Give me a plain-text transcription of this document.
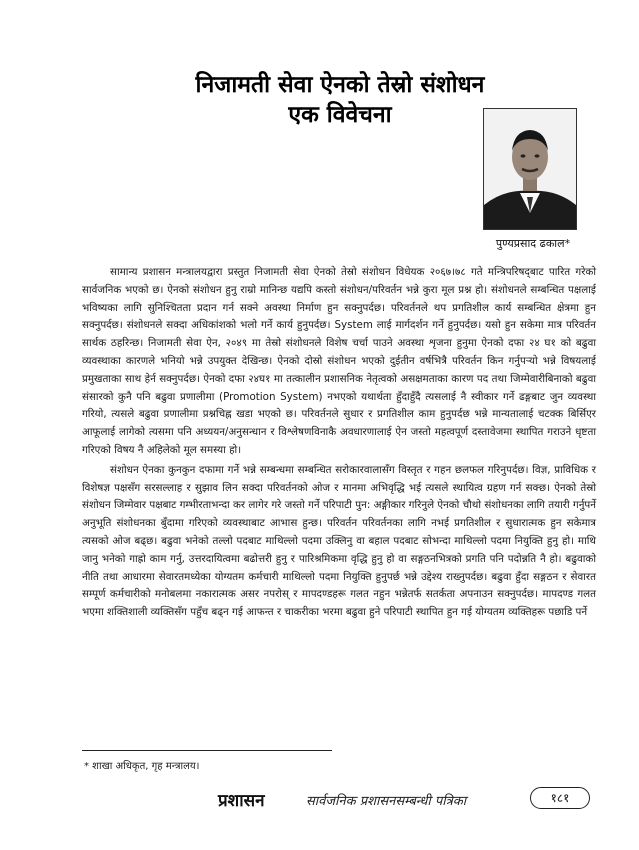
निजामती सेवा ऐनको तेस्रो संशोधन
एक विवेचना
पुण्यप्रसाद ढकाल*

सामान्य प्रशासन मन्त्रालयद्वारा प्रस्तुत निजामती सेवा ऐनको तेस्रो संशोधन विधेयक २०६७।७८ गते मन्त्रिपरिषद्‌बाट पारित गरेको सार्वजनिक भएको छ। ऐनको संशोधन हुनु राम्रो मानिन्छ यद्यपि कस्तो संशोधन/परिवर्तन भन्ने कुरा मूल प्रश्न हो। संशोधनले सम्बन्धित पक्षलाई भविष्यका लागि सुनिश्चितता प्रदान गर्न सक्ने अवस्था निर्माण हुन सक्नुपर्दछ। परिवर्तनले थप प्रगतिशील कार्य सम्बन्धित क्षेत्रमा हुन सक्नुपर्दछ। संशोधनले सक्दा अधिकांशको भलो गर्ने कार्य हुनुपर्दछ। System लाई मार्गदर्शन गर्ने हुनुपर्दछ। यसो हुन सकेमा मात्र परिवर्तन सार्थक ठहरिन्छ। निजामती सेवा ऐन, २०४९ मा तेस्रो संशोधनले विशेष चर्चा पाउने अवस्था शृजना हुनुमा ऐनको दफा २४ घ१ को बढुवा व्यवस्थाका कारणले भनियो भन्ने उपयुक्त देखिन्छ। ऐनको दोस्रो संशोधन भएको दुईतीन वर्षभित्रै परिवर्तन किन गर्नुपर्‍यो भन्ने विषयलाई प्रमुखताका साथ हेर्न सक्नुपर्दछ। ऐनको दफा २४घ१ मा तत्कालीन प्रशासनिक नेतृत्वको असक्षमताका कारण पद तथा जिम्मेवारीबिनाको बढुवा संसारको कुनै पनि बढुवा प्रणालीमा (Promotion System) नभएको यथार्थता हुँदाहुँदै त्यसलाई नै स्वीकार गर्ने ढङ्गबाट जुन व्यवस्था गरियो, त्यसले बढुवा प्रणालीमा प्रश्नचिह्न खडा भएको छ। परिवर्तनले सुधार र प्रगतिशील काम हुनुपर्दछ भन्ने मान्यतालाई चटक्क बिर्सिएर आफूलाई लागेको त्यसमा पनि अध्ययन/अनुसन्धान र विश्लेषणविनाकै अवधारणालाई ऐन जस्तो महत्वपूर्ण दस्तावेजमा स्थापित गराउने धृष्टता गरिएको विषय नै अहिलेको मूल समस्या हो।

संशोधन ऐनका कुनकुन दफामा गर्ने भन्ने सम्बन्धमा सम्बन्धित सरोकारवालासँग विस्तृत र गहन छलफल गरिनुपर्दछ। विज्ञ, प्राविधिक र विशेषज्ञ पक्षसँग सरसल्लाह र सुझाव लिन सक्दा परिवर्तनको ओज र मानमा अभिवृद्धि भई त्यसले स्थायित्व ग्रहण गर्न सक्छ। ऐनको तेस्रो संशोधन जिम्मेवार पक्षबाट गम्भीरताभन्दा कर लागेर गरे जस्तो गर्ने परिपाटी पुन: अङ्गीकार गरिनुले ऐनको चौथो संशोधनका लागि तयारी गर्नुपर्ने अनुभूति संशोधनका बुँदामा गरिएको व्यवस्थाबाट आभास हुन्छ। परिवर्तन परिवर्तनका लागि नभई प्रगतिशील र सुधारात्मक हुन सकेमात्र त्यसको ओज बढ्छ। बढुवा भनेको तल्लो पदबाट माथिल्लो पदमा उक्लिनु वा बहाल पदबाट सोभन्दा माथिल्लो पदमा नियुक्ति हुनु हो। माथि जानु भनेको गाह्रो काम गर्नु, उत्तरदायित्वमा बढोत्तरी हुनु र पारिश्रमिकमा वृद्धि हुनु हो वा सङ्गठनभित्रको प्रगति पनि पदोन्नति नै हो। बढुवाको नीति तथा आधारमा सेवारतमध्येका योग्यतम कर्मचारी माथिल्लो पदमा नियुक्ति हुनुपर्छ भन्ने उद्देश्य राख्नुपर्दछ। बढुवा हुँदा सङ्गठन र सेवारत सम्पूर्ण कर्मचारीको मनोबलमा नकारात्मक असर नपरोस् र मापदण्डहरू गलत नहुन भन्नेतर्फ सतर्कता अपनाउन सक्नुपर्दछ। मापदण्ड गलत भएमा शक्तिशाली व्यक्तिसँग पहुँच बढ्न गई आफन्त र चाकरीका भरमा बढुवा हुने परिपाटी स्थापित हुन गई योग्यतम व्यक्तिहरू पछाडि पर्ने

* शाखा अधिकृत, गृह मन्त्रालय।
प्रशासन	सार्वजनिक प्रशासनसम्बन्धी पत्रिका	१८१
